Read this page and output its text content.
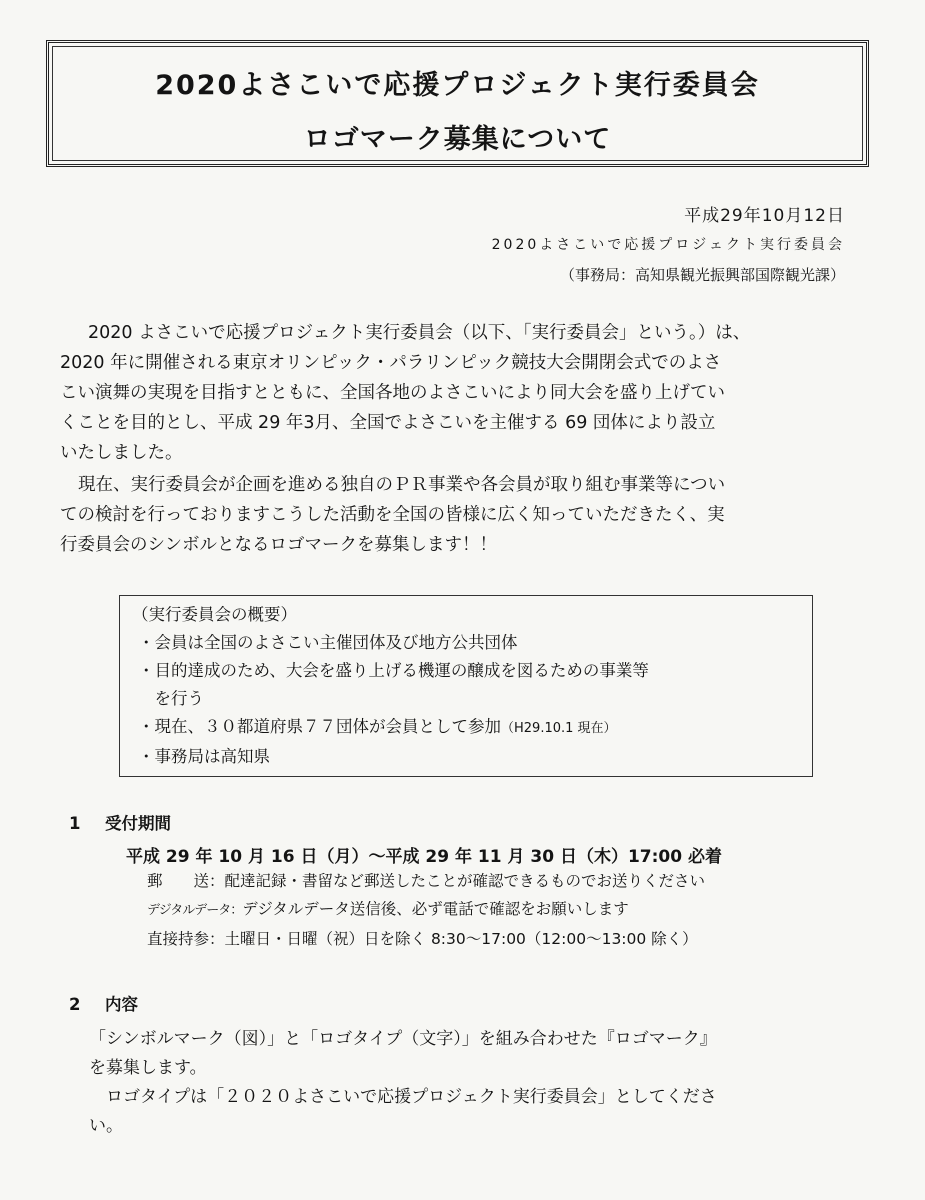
2020よさこいで応援プロジェクト実行委員会
ロゴマーク募集について
平成29年10月12日
2020よさこいで応援プロジェクト実行委員会
（事務局：高知県観光振興部国際観光課）

2020 よさこいで応援プロジェクト実行委員会（以下、「実行委員会」という。）は、
2020 年に開催される東京オリンピック・パラリンピック競技大会開閉会式でのよさ
こい演舞の実現を目指すとともに、全国各地のよさこいにより同大会を盛り上げてい
くことを目的とし、平成 29 年3月、全国でよさこいを主催する 69 団体により設立
いたしました。

現在、実行委員会が企画を進める独自のＰＲ事業や各会員が取り組む事業等につい
ての検討を行っておりますこうした活動を全国の皆様に広く知っていただきたく、実
行委員会のシンボルとなるロゴマークを募集します！！

（実行委員会の概要）
・会員は全国のよさこい主催団体及び地方公共団体
・目的達成のため、大会を盛り上げる機運の醸成を図るための事業等
　を行う
・現在、３０都道府県７７団体が会員として参加（H29.10.1 現在）
・事務局は高知県
1 受付期間
平成 29 年 10 月 16 日（月）～平成 29 年 11 月 30 日（木）17:00 必着
郵　　送：配達記録・書留など郵送したことが確認できるものでお送りください
デジタルデータ：デジタルデータ送信後、必ず電話で確認をお願いします
直接持参：土曜日・日曜（祝）日を除く 8:30～17:00（12:00～13:00 除く）
2 内容
「シンボルマーク（図）」と「ロゴタイプ（文字）」を組み合わせた『ロゴマーク』
を募集します。
　ロゴタイプは「２０２０よさこいで応援プロジェクト実行委員会」としてくださ
い。
